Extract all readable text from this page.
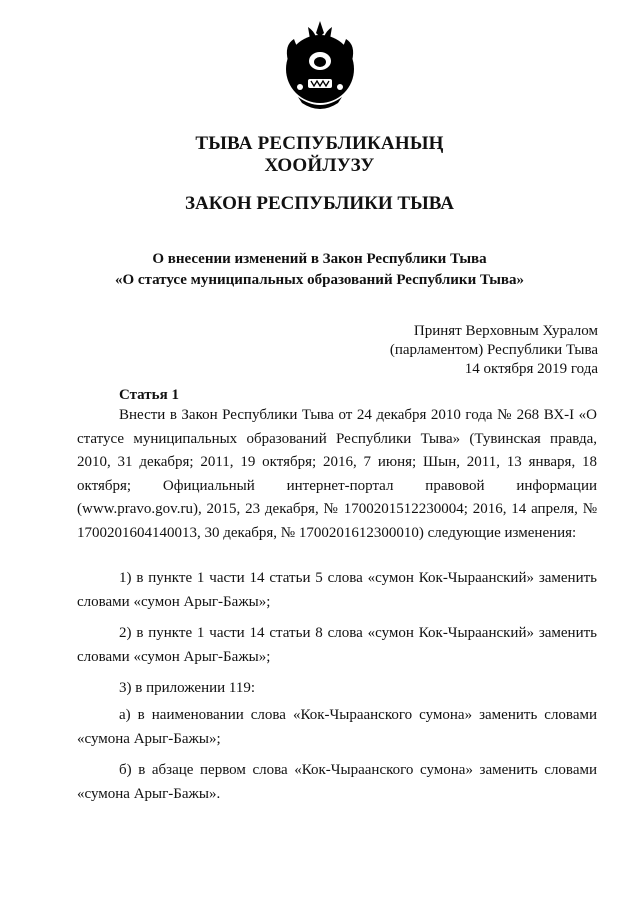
ТЫВА РЕСПУБЛИКАНЫҢ
ХООЙЛУЗУ
ЗАКОН РЕСПУБЛИКИ ТЫВА
О внесении изменений в Закон Республики Тыва
«О статусе муниципальных образований Республики Тыва»
Принят Верховным Хуралом
(парламентом) Республики Тыва
14 октября 2019 года
Статья 1

Внести в Закон Республики Тыва от 24 декабря 2010 года № 268 ВХ-I «О статусе муниципальных образований Республики Тыва» (Тувинская правда, 2010, 31 декабря; 2011, 19 октября; 2016, 7 июня; Шын, 2011, 13 января, 18 октября; Официальный интернет-портал правовой информации (www.pravo.gov.ru), 2015, 23 декабря, № 1700201512230004; 2016, 14 апреля, № 1700201604140013, 30 декабря, № 1700201612300010) следующие изменения:

1) в пункте 1 части 14 статьи 5 слова «сумон Кок-Чыраанский» заменить словами «сумон Арыг-Бажы»;

2) в пункте 1 части 14 статьи 8 слова «сумон Кок-Чыраанский» заменить словами «сумон Арыг-Бажы»;

3) в приложении 119:

а) в наименовании слова «Кок-Чыраанского сумона» заменить словами «сумона Арыг-Бажы»;

б) в абзаце первом слова «Кок-Чыраанского сумона» заменить словами «сумона Арыг-Бажы».
